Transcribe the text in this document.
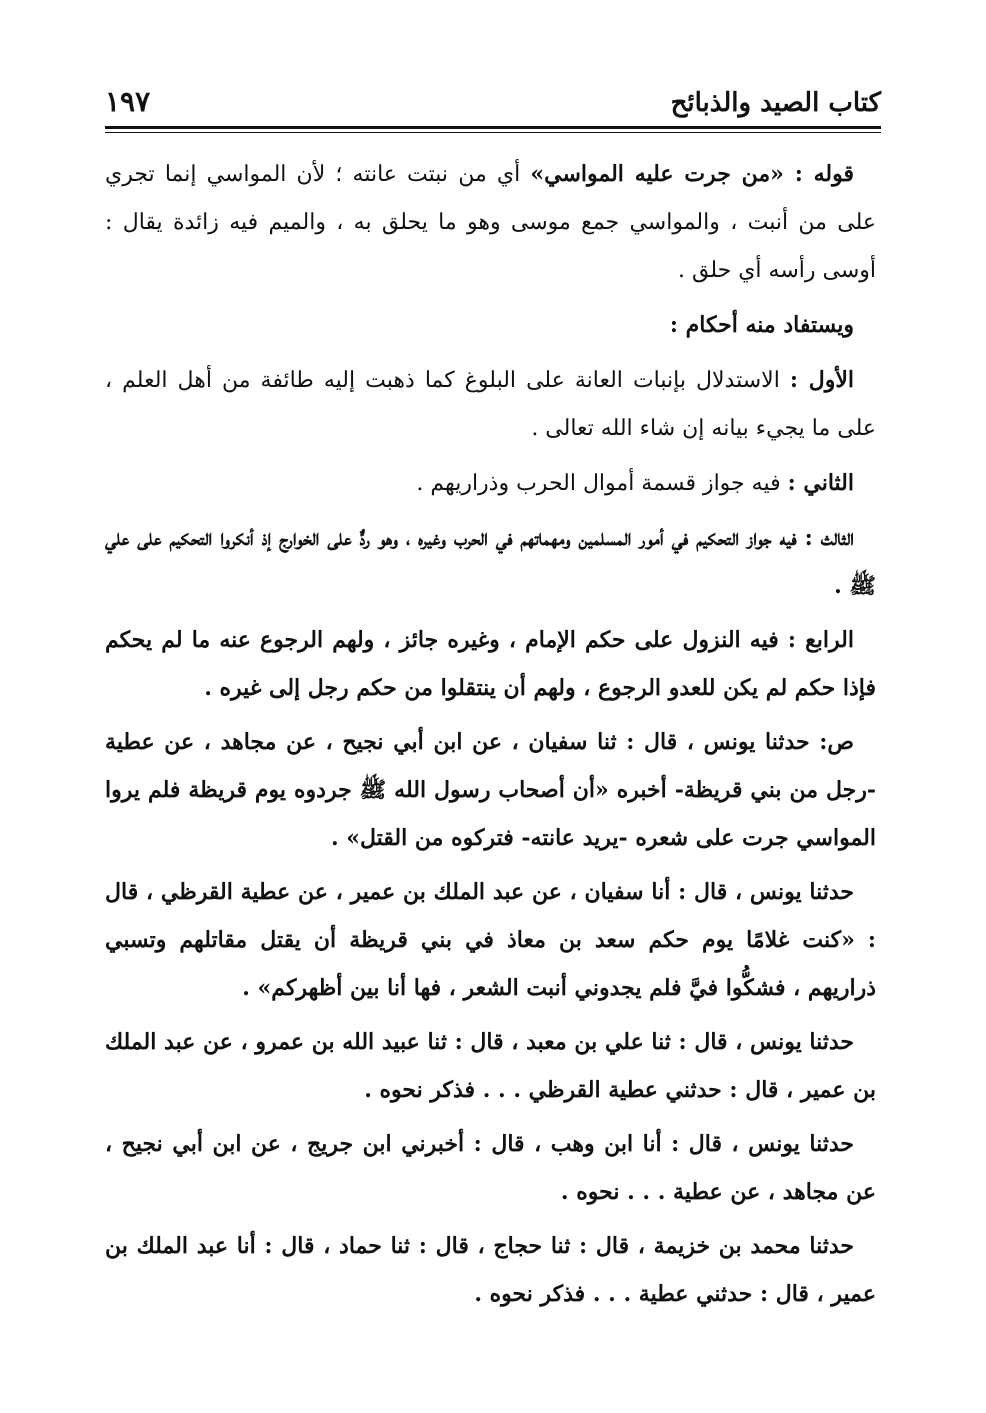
كتاب الصيد والذبائح
١٩٧

قوله : «من جرت عليه المواسي» أي من نبتت عانته ؛ لأن المواسي إنما تجري على من أنبت ، والمواسي جمع موسى وهو ما يحلق به ، والميم فيه زائدة يقال : أوسى رأسه أي حلق .

ويستفاد منه أحكام :

الأول : الاستدلال بإنبات العانة على البلوغ كما ذهبت إليه طائفة من أهل العلم ، على ما يجيء بيانه إن شاء الله تعالى .

الثاني : فيه جواز قسمة أموال الحرب وذراريهم .

الثالث : فيه جواز التحكيم في أمور المسلمين ومهماتهم في الحرب وغيره ، وهو ردٌّ على الخوارج إذ أنكروا التحكيم على علي ﷺ .

الرابع : فيه النزول على حكم الإمام ، وغيره جائز ، ولهم الرجوع عنه ما لم يحكم فإذا حكم لم يكن للعدو الرجوع ، ولهم أن ينتقلوا من حكم رجل إلى غيره .

ص: حدثنا يونس ، قال : ثنا سفيان ، عن ابن أبي نجيح ، عن مجاهد ، عن عطية -رجل من بني قريظة- أخبره «أن أصحاب رسول الله ﷺ جردوه يوم قريظة فلم يروا المواسي جرت على شعره -يريد عانته- فتركوه من القتل» .

حدثنا يونس ، قال : أنا سفيان ، عن عبد الملك بن عمير ، عن عطية القرظي ، قال : «كنت غلامًا يوم حكم سعد بن معاذ في بني قريظة أن يقتل مقاتلهم وتسبي ذراريهم ، فشكُّوا فيَّ فلم يجدوني أنبت الشعر ، فها أنا بين أظهركم» .

حدثنا يونس ، قال : ثنا علي بن معبد ، قال : ثنا عبيد الله بن عمرو ، عن عبد الملك بن عمير ، قال : حدثني عطية القرظي . . . فذكر نحوه .

حدثنا يونس ، قال : أنا ابن وهب ، قال : أخبرني ابن جريج ، عن ابن أبي نجيح ، عن مجاهد ، عن عطية . . . نحوه .

حدثنا محمد بن خزيمة ، قال : ثنا حجاج ، قال : ثنا حماد ، قال : أنا عبد الملك بن عمير ، قال : حدثني عطية . . . فذكر نحوه .
